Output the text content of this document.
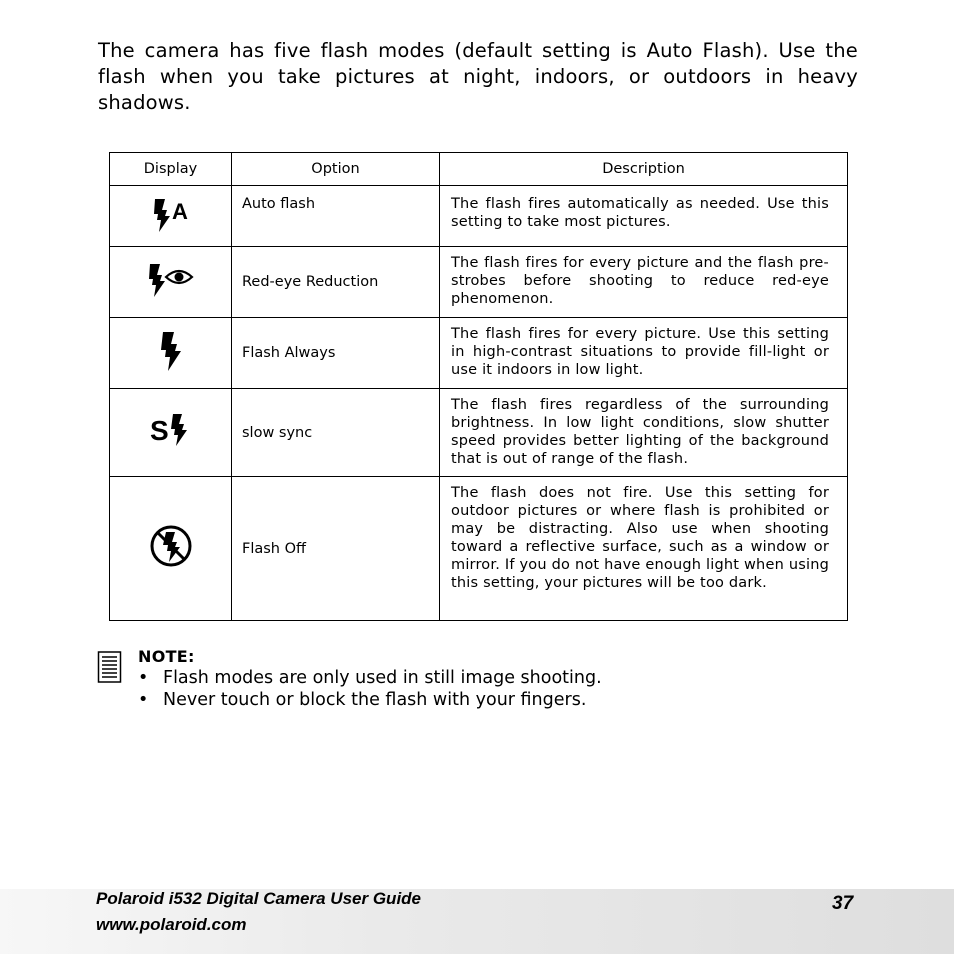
The camera has five flash modes (default setting is Auto Flash). Use the flash when you take pictures at night, indoors, or outdoors in heavy shadows.

Display	Option	Description

A	Auto flash	The flash fires automatically as needed. Use this setting to take most pictures.
	Red-eye Reduction	The flash fires for every picture and the flash pre-strobes before shooting to reduce red-eye phenomenon.
	Flash Always	The flash fires for every picture. Use this setting in high-contrast situations to provide fill-light or use it indoors in low light.

S	slow sync	The flash fires regardless of the surrounding brightness. In low light conditions, slow shutter speed provides better lighting of the background that is out of range of the flash.
	Flash Off	The flash does not fire. Use this setting for outdoor pictures or where flash is prohibited or may be distracting. Also use when shooting toward a reflective surface, such as a window or mirror. If you do not have enough light when using this setting, your pictures will be too dark.

NOTE:

• Flash modes are only used in still image shooting.
• Never touch or block the flash with your fingers.

Polaroid i532 Digital Camera User Guide

www.polaroid.com

37
